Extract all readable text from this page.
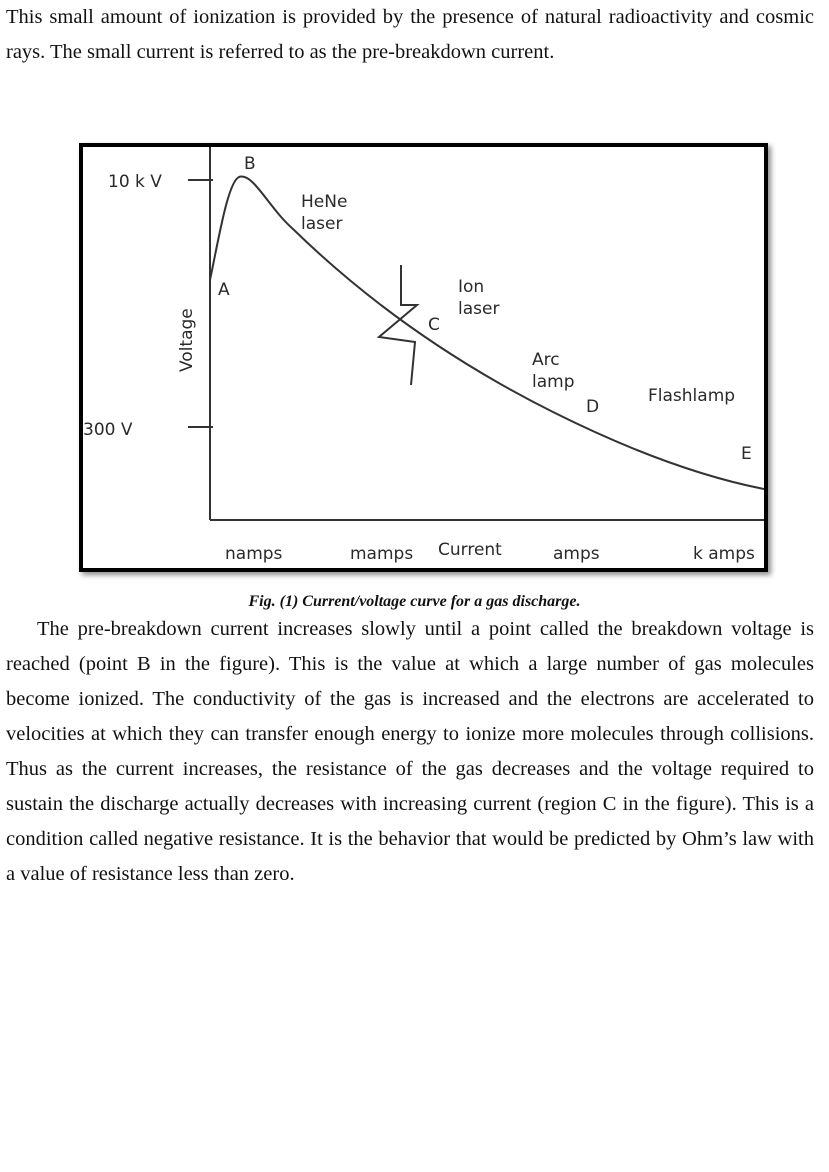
This small amount of ionization is provided by the presence of natural radioactivity and cosmic rays. The small current is referred to as the pre-breakdown current.

10 k V
300 V
Voltage
B
A
C
D
E
HeNe
laser
Ion
laser
Arc
lamp
Flashlamp
namps	mamps Current	amps	k amps
Fig. (1) Current/voltage curve for a gas discharge.

The pre-breakdown current increases slowly until a point called the breakdown voltage is reached (point B in the figure). This is the value at which a large number of gas molecules become ionized. The conductivity of the gas is increased and the electrons are accelerated to velocities at which they can transfer enough energy to ionize more molecules through collisions. Thus as the current increases, the resistance of the gas decreases and the voltage required to sustain the discharge actually decreases with increasing current (region C in the figure). This is a condition called negative resistance. It is the behavior that would be predicted by Ohm’s law with a value of resistance less than zero.
